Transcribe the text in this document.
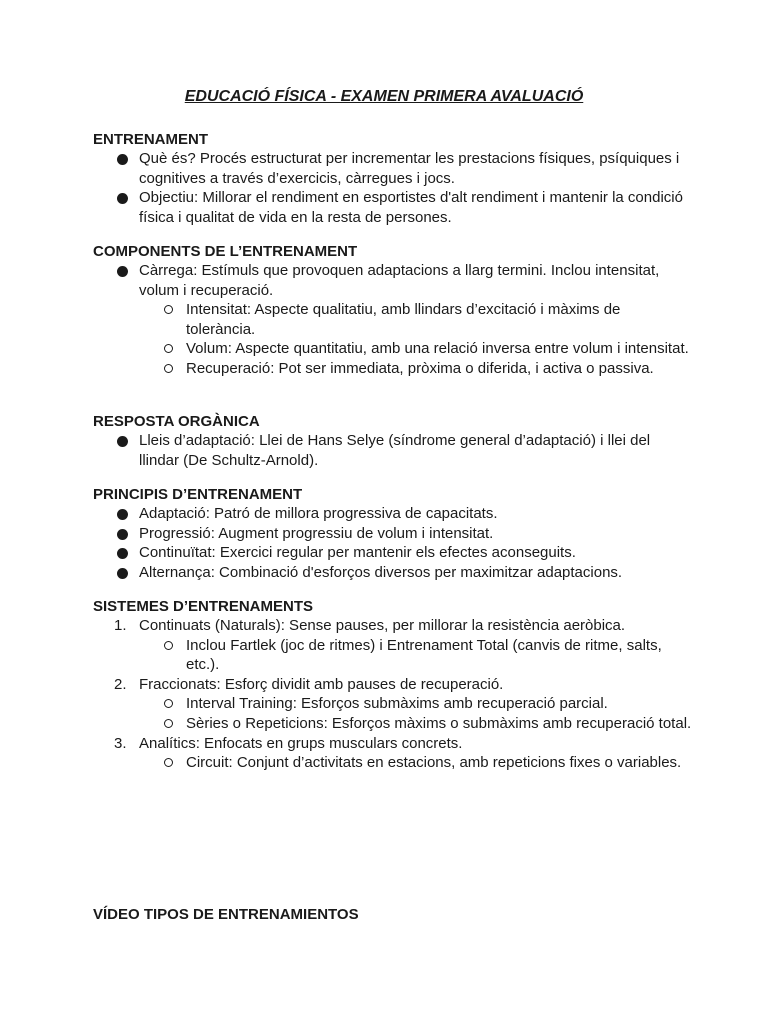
EDUCACIÓ FÍSICA - EXAMEN PRIMERA AVALUACIÓ

ENTRENAMENT

Què és? Procés estructurat per incrementar les prestacions físiques, psíquiques i cognitives a través d’exercicis, càrregues i jocs.
Objectiu: Millorar el rendiment en esportistes d'alt rendiment i mantenir la condició física i qualitat de vida en la resta de persones.

COMPONENTS DE L’ENTRENAMENT

Càrrega: Estímuls que provoquen adaptacions a llarg termini. Inclou intensitat, volum i recuperació.
Intensitat: Aspecte qualitatiu, amb llindars d’excitació i màxims de tolerància.
Volum: Aspecte quantitatiu, amb una relació inversa entre volum i intensitat.
Recuperació: Pot ser immediata, pròxima o diferida, i activa o passiva.

RESPOSTA ORGÀNICA

Lleis d’adaptació: Llei de Hans Selye (síndrome general d’adaptació) i llei del llindar (De Schultz-Arnold).

PRINCIPIS D’ENTRENAMENT

Adaptació: Patró de millora progressiva de capacitats.
Progressió: Augment progressiu de volum i intensitat.
Continuïtat: Exercici regular per mantenir els efectes aconseguits.
Alternança: Combinació d'esforços diversos per maximitzar adaptacions.

SISTEMES D’ENTRENAMENTS

1. Continuats (Naturals): Sense pauses, per millorar la resistència aeròbica.
Inclou Fartlek (joc de ritmes) i Entrenament Total (canvis de ritme, salts, etc.).
2. Fraccionats: Esforç dividit amb pauses de recuperació.
Interval Training: Esforços submàxims amb recuperació parcial.
Sèries o Repeticions: Esforços màxims o submàxims amb recuperació total.
3. Analítics: Enfocats en grups musculars concrets.
Circuit: Conjunt d’activitats en estacions, amb repeticions fixes o variables.

VÍDEO TIPOS DE ENTRENAMIENTOS
